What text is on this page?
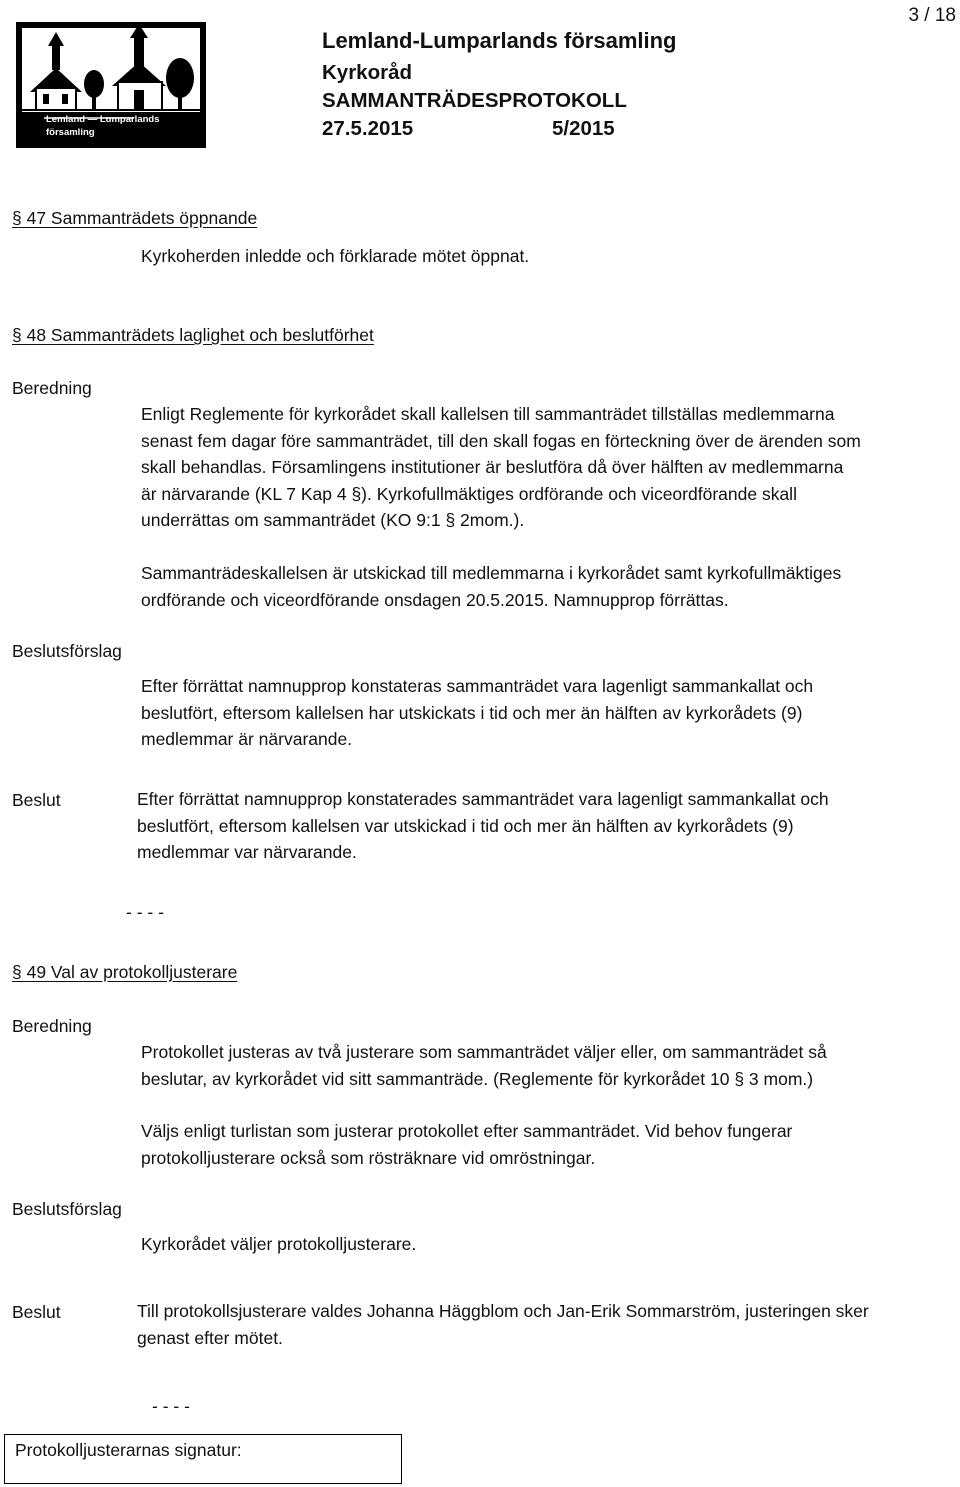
3 / 18
Lemland — Lumparlands
församling
Lemland-Lumparlands församling
Kyrkoråd
SAMMANTRÄDESPROTOKOLL
27.5.2015	5/2015
§ 47 Sammanträdets öppnande
Kyrkoherden inledde och förklarade mötet öppnat.
§ 48 Sammanträdets laglighet och beslutförhet
Beredning
Enligt Reglemente för kyrkorådet skall kallelsen till sammanträdet tillställas medlemmarna
senast fem dagar före sammanträdet, till den skall fogas en förteckning över de ärenden som
skall behandlas. Församlingens institutioner är beslutföra då över hälften av medlemmarna
är närvarande (KL 7 Kap 4 §). Kyrkofullmäktiges ordförande och viceordförande skall
underrättas om sammanträdet (KO 9:1 § 2mom.).
Sammanträdeskallelsen är utskickad till medlemmarna i kyrkorådet samt kyrkofullmäktiges
ordförande och viceordförande onsdagen 20.5.2015. Namnupprop förrättas.
Beslutsförslag
Efter förrättat namnupprop konstateras sammanträdet vara lagenligt sammankallat och
beslutfört, eftersom kallelsen har utskickats i tid och mer än hälften av kyrkorådets (9)
medlemmar är närvarande.
Beslut	Efter förrättat namnupprop konstaterades sammanträdet vara lagenligt sammankallat och
beslutfört, eftersom kallelsen var utskickad i tid och mer än hälften av kyrkorådets (9)
medlemmar var närvarande.
- - - -
§ 49 Val av protokolljusterare
Beredning
Protokollet justeras av två justerare som sammanträdet väljer eller, om sammanträdet så
beslutar, av kyrkorådet vid sitt sammanträde. (Reglemente för kyrkorådet 10 § 3 mom.)
Väljs enligt turlistan som justerar protokollet efter sammanträdet. Vid behov fungerar
protokolljusterare också som rösträknare vid omröstningar.
Beslutsförslag
Kyrkorådet väljer protokolljusterare.
Beslut	Till protokollsjusterare valdes Johanna Häggblom och Jan-Erik Sommarström, justeringen sker
genast efter mötet.
- - - -
Protokolljusterarnas signatur:
